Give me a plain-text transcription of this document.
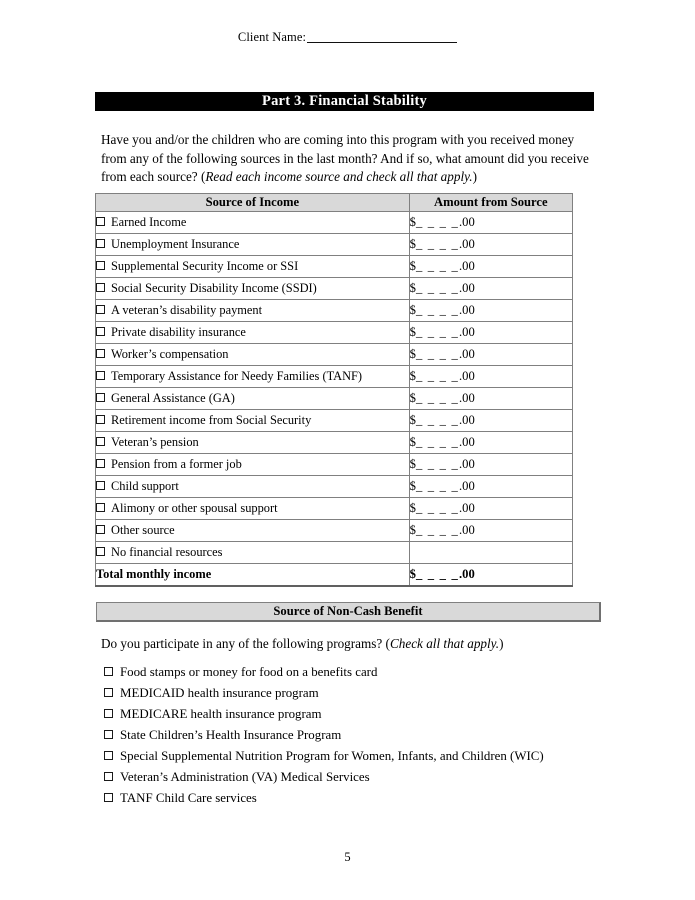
Client Name:
Part 3. Financial Stability
Have you and/or the children who are coming into this program with you received money from any of the following sources in the last month? And if so, what amount did you receive from each source? (Read each income source and check all that apply.)
Source of Income	Amount from Source
Earned Income	$_ _ _ _.00
Unemployment Insurance	$_ _ _ _.00
Supplemental Security Income or SSI	$_ _ _ _.00
Social Security Disability Income (SSDI)	$_ _ _ _.00
A veteran’s disability payment	$_ _ _ _.00
Private disability insurance	$_ _ _ _.00
Worker’s compensation	$_ _ _ _.00
Temporary Assistance for Needy Families (TANF)	$_ _ _ _.00
General Assistance (GA)	$_ _ _ _.00
Retirement income from Social Security	$_ _ _ _.00
Veteran’s pension	$_ _ _ _.00
Pension from a former job	$_ _ _ _.00
Child support	$_ _ _ _.00
Alimony or other spousal support	$_ _ _ _.00
Other source	$_ _ _ _.00
No financial resources	
Total monthly income	$_ _ _ _.00
Source of Non-Cash Benefit
Do you participate in any of the following programs? (Check all that apply.)
Food stamps or money for food on a benefits card
MEDICAID health insurance program
MEDICARE health insurance program
State Children’s Health Insurance Program
Special Supplemental Nutrition Program for Women, Infants, and Children (WIC)
Veteran’s Administration (VA) Medical Services
TANF Child Care services
5
